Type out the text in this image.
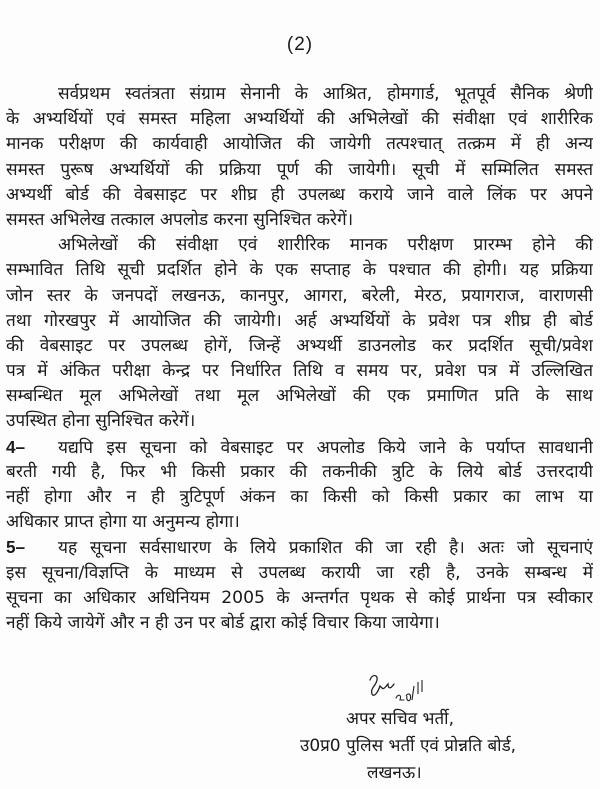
(2)
सर्वप्रथम स्वतंत्रता संग्राम सेनानी के आश्रित, होमगार्ड, भूतपूर्व सैनिक श्रेणी
के अभ्यर्थियों एवं समस्त महिला अभ्यर्थियों की अभिलेखों की संवीक्षा एवं शारीरिक
मानक परीक्षण की कार्यवाही आयोजित की जायेगी तत्पश्चात् तत्क्रम में ही अन्य
समस्त पुरूष अभ्यर्थियों की प्रक्रिया पूर्ण की जायेगी। सूची में सम्मिलित समस्त
अभ्यर्थी बोर्ड की वेबसाइट पर शीघ्र ही उपलब्ध कराये जाने वाले लिंक पर अपने
समस्त अभिलेख तत्काल अपलोड करना सुनिश्चित करेगें।
अभिलेखों की संवीक्षा एवं शारीरिक मानक परीक्षण प्रारम्भ होने की
सम्भावित तिथि सूची प्रदर्शित होने के एक सप्ताह के पश्चात की होगी। यह प्रक्रिया
जोन स्तर के जनपदों लखनऊ, कानपुर, आगरा, बरेली, मेरठ, प्रयागराज, वाराणसी
तथा गोरखपुर में आयोजित की जायेगी। अर्ह अभ्यर्थियों के प्रवेश पत्र शीघ्र ही बोर्ड
की वेबसाइट पर उपलब्ध होगें, जिन्हें अभ्यर्थी डाउनलोड कर प्रदर्शित सूची/प्रवेश
पत्र में अंकित परीक्षा केन्द्र पर निर्धारित तिथि व समय पर, प्रवेश पत्र में उल्लिखित
सम्बन्धित मूल अभिलेखों तथा मूल अभिलेखों की एक प्रमाणित प्रति के साथ
उपस्थित होना सुनिश्चित करेगें।
4– यद्यपि इस सूचना को वेबसाइट पर अपलोड किये जाने के पर्याप्त सावधानी
बरती गयी है, फिर भी किसी प्रकार की तकनीकी त्रुटि के लिये बोर्ड उत्तरदायी
नहीं होगा और न ही त्रुटिपूर्ण अंकन का किसी को किसी प्रकार का लाभ या
अधिकार प्राप्त होगा या अनुमन्य होगा।
5– यह सूचना सर्वसाधारण के लिये प्रकाशित की जा रही है। अतः जो सूचनाएं
इस सूचना/विज्ञप्ति के माध्यम से उपलब्ध करायी जा रही है, उनके सम्बन्ध में
सूचना का अधिकार अधिनियम 2005 के अन्तर्गत पृथक से कोई प्रार्थना पत्र स्वीकार
नहीं किये जायेगें और न ही उन पर बोर्ड द्वारा कोई विचार किया जायेगा।
अपर सचिव भर्ती,
उ0प्र0 पुलिस भर्ती एवं प्रोन्नति बोर्ड,
लखनऊ।
